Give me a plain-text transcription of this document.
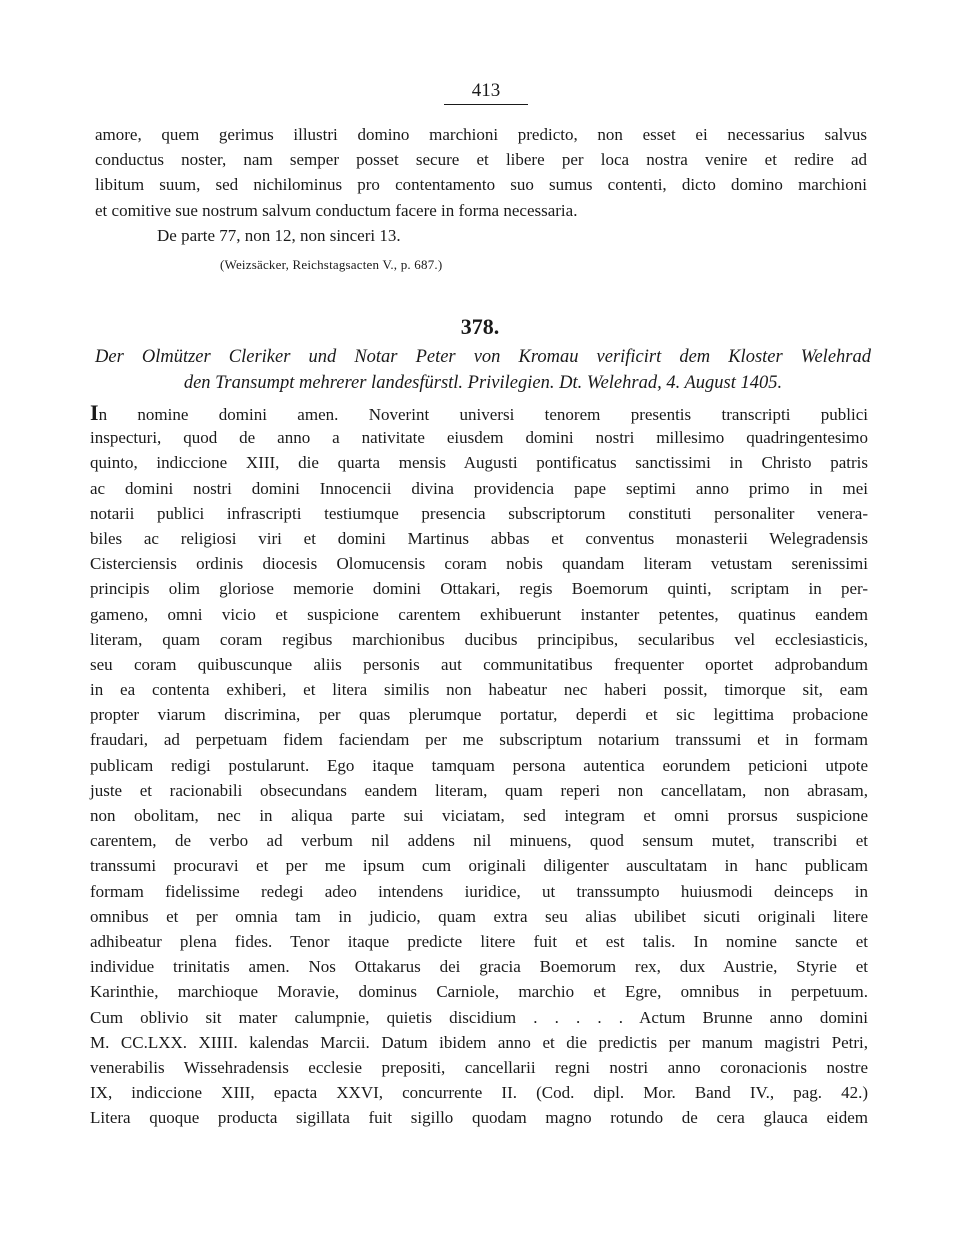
413
amore, quem gerimus illustri domino marchioni predicto, non esset ei necessarius salvus
conductus noster, nam semper posset secure et libere per loca nostra venire et redire ad
libitum suum, sed nichilominus pro contentamento suo sumus contenti, dicto domino marchioni
et comitive sue nostrum salvum conductum facere in forma necessaria.
De parte 77, non 12, non sinceri 13.
(Weizsäcker, Reichstagsacten V., p. 687.)
378.
Der Olmützer Cleriker und Notar Peter von Kromau verificirt dem Kloster Welehrad
den Transumpt mehrerer landesfürstl. Privilegien. Dt. Welehrad, 4. August 1405.
In nomine domini amen. Noverint universi tenorem presentis transcripti publici
inspecturi, quod de anno a nativitate eiusdem domini nostri millesimo quadringentesimo
quinto, indiccione XIII, die quarta mensis Augusti pontificatus sanctissimi in Christo patris
ac domini nostri domini Innocencii divina providencia pape septimi anno primo in mei
notarii publici infrascripti testiumque presencia subscriptorum constituti personaliter venera-
biles ac religiosi viri et domini Martinus abbas et conventus monasterii Welegradensis
Cisterciensis ordinis diocesis Olomucensis coram nobis quandam literam vetustam serenissimi
principis olim gloriose memorie domini Ottakari, regis Boemorum quinti, scriptam in per-
gameno, omni vicio et suspicione carentem exhibuerunt instanter petentes, quatinus eandem
literam, quam coram regibus marchionibus ducibus principibus, secularibus vel ecclesiasticis,
seu coram quibuscunque aliis personis aut communitatibus frequenter oportet adprobandum
in ea contenta exhiberi, et litera similis non habeatur nec haberi possit, timorque sit, eam
propter viarum discrimina, per quas plerumque portatur, deperdi et sic legittima probacione
fraudari, ad perpetuam fidem faciendam per me subscriptum notarium transsumi et in formam
publicam redigi postularunt. Ego itaque tamquam persona autentica eorundem peticioni utpote
juste et racionabili obsecundans eandem literam, quam reperi non cancellatam, non abrasam,
non obolitam, nec in aliqua parte sui viciatam, sed integram et omni prorsus suspicione
carentem, de verbo ad verbum nil addens nil minuens, quod sensum mutet, transcribi et
transsumi procuravi et per me ipsum cum originali diligenter auscultatam in hanc publicam
formam fidelissime redegi adeo intendens iuridice, ut transsumpto huiusmodi deinceps in
omnibus et per omnia tam in judicio, quam extra seu alias ubilibet sicuti originali litere
adhibeatur plena fides. Tenor itaque predicte litere fuit et est talis. In nomine sancte et
individue trinitatis amen. Nos Ottakarus dei gracia Boemorum rex, dux Austrie, Styrie et
Karinthie, marchioque Moravie, dominus Carniole, marchio et Egre, omnibus in perpetuum.
Cum oblivio sit mater calumpnie, quietis discidium . . . . . Actum Brunne anno domini
M. CC.LXX. XIIII. kalendas Marcii. Datum ibidem anno et die predictis per manum magistri Petri,
venerabilis Wissehradensis ecclesie prepositi, cancellarii regni nostri anno coronacionis nostre
IX, indiccione XIII, epacta XXVI, concurrente II. (Cod. dipl. Mor. Band IV., pag. 42.)
Litera quoque producta sigillata fuit sigillo quodam magno rotundo de cera glauca eidem
